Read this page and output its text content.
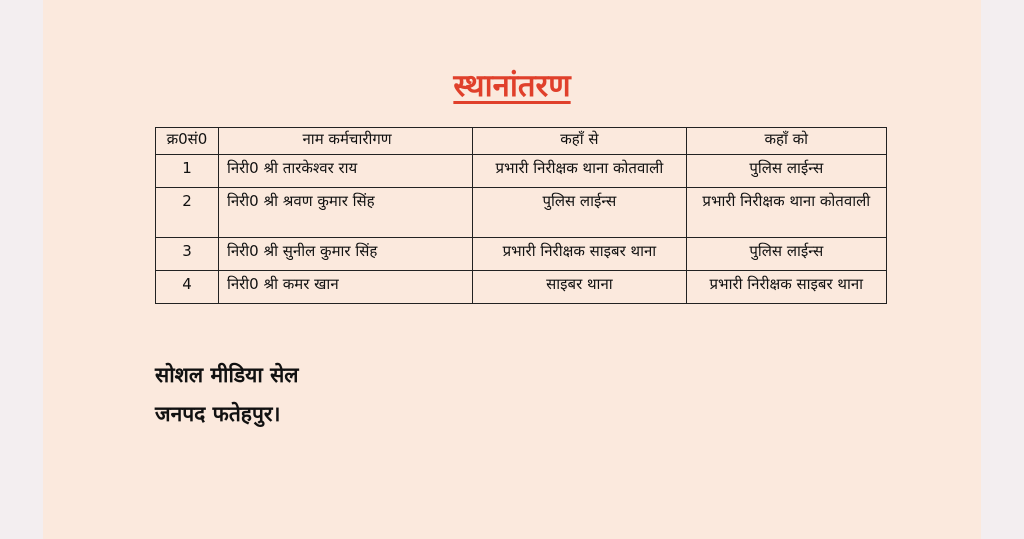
स्थानांतरण
क्र0सं0	नाम कर्मचारीगण	कहाँ से	कहाँ को
1	निरी0 श्री तारकेश्वर राय	प्रभारी निरीक्षक थाना कोतवाली	पुलिस लाईन्स
2	निरी0 श्री श्रवण कुमार सिंह	पुलिस लाईन्स	प्रभारी निरीक्षक थाना कोतवाली
3	निरी0 श्री सुनील कुमार सिंह	प्रभारी निरीक्षक साइबर थाना	पुलिस लाईन्स
4	निरी0 श्री कमर खान	साइबर थाना	प्रभारी निरीक्षक साइबर थाना

सोशल मीडिया सेल

जनपद फतेहपुर।
